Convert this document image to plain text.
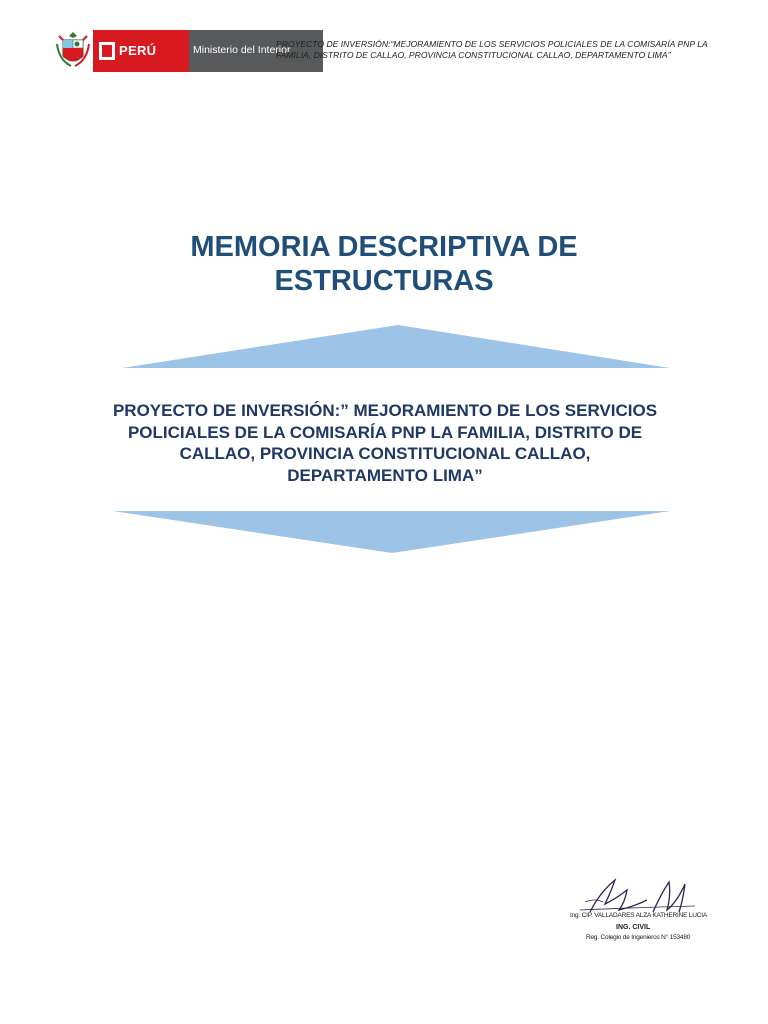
PERÚ	Ministerio del Interior
PROYECTO DE INVERSIÓN:“MEJORAMIENTO DE LOS SERVICIOS POLICIALES DE LA COMISARÍA PNP LA FAMILIA, DISTRITO DE CALLAO, PROVINCIA CONSTITUCIONAL CALLAO, DEPARTAMENTO LIMA”
MEMORIA DESCRIPTIVA DE
ESTRUCTURAS
PROYECTO DE INVERSIÓN:” MEJORAMIENTO DE LOS SERVICIOS POLICIALES DE LA COMISARÍA PNP LA FAMILIA, DISTRITO DE CALLAO, PROVINCIA CONSTITUCIONAL CALLAO, DEPARTAMENTO LIMA”
Ing. CIP. VALLADARES ALZA KATHERINE LUCIA
ING. CIVIL
Reg. Colegio de Ingenieros N° 153480
